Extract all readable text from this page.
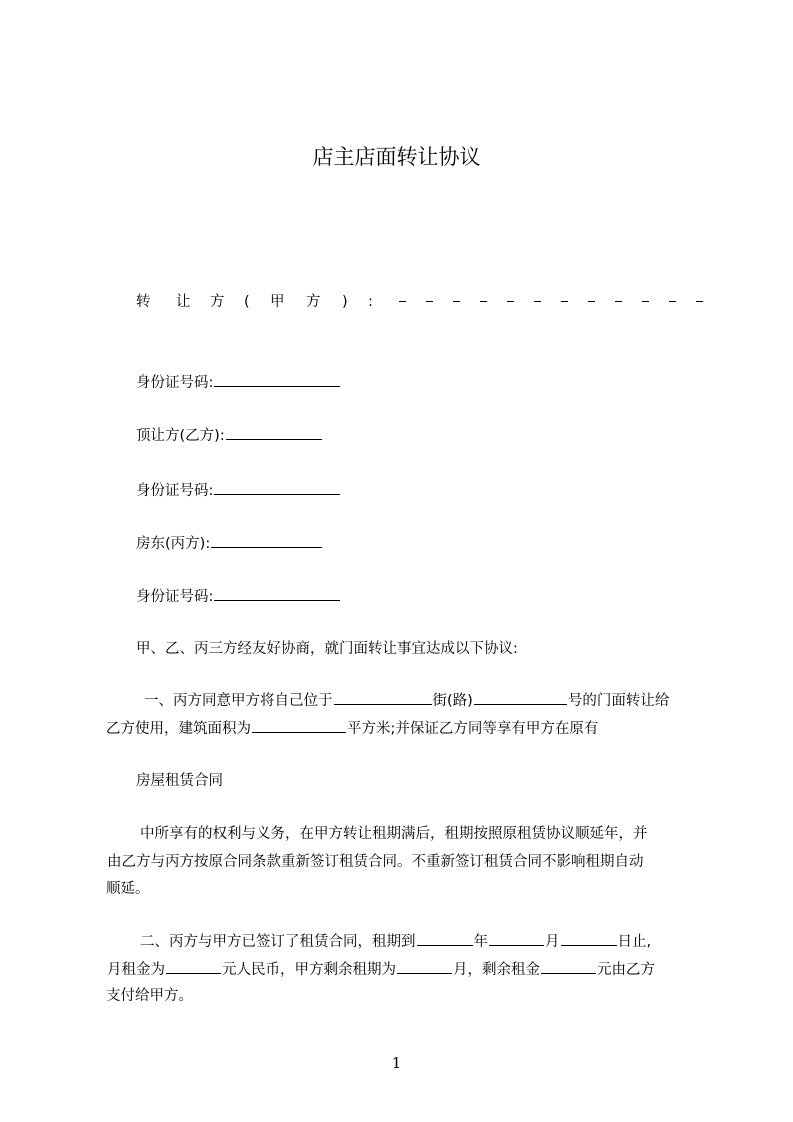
店主店面转让协议
转 让 方 ( 甲 方 ) :
身份证号码:
顶让方(乙方):
身份证号码:
房东(丙方):
身份证号码:
甲、乙、丙三方经友好协商，就门面转让事宜达成以下协议:
一、丙方同意甲方将自己位于	街(路)	号的门面转让给
乙方使用，建筑面积为	平方米;并保证乙方同等享有甲方在原有
房屋租赁合同
中所享有的权利与义务，在甲方转让租期满后，租期按照原租赁协议顺延年，并
由乙方与丙方按原合同条款重新签订租赁合同。不重新签订租赁合同不影响租期自动
顺延。
二、丙方与甲方已签订了租赁合同，租期到	年	月	日止,
月租金为	元人民币，甲方剩余租期为	月，剩余租金	元由乙方
支付给甲方。
1
